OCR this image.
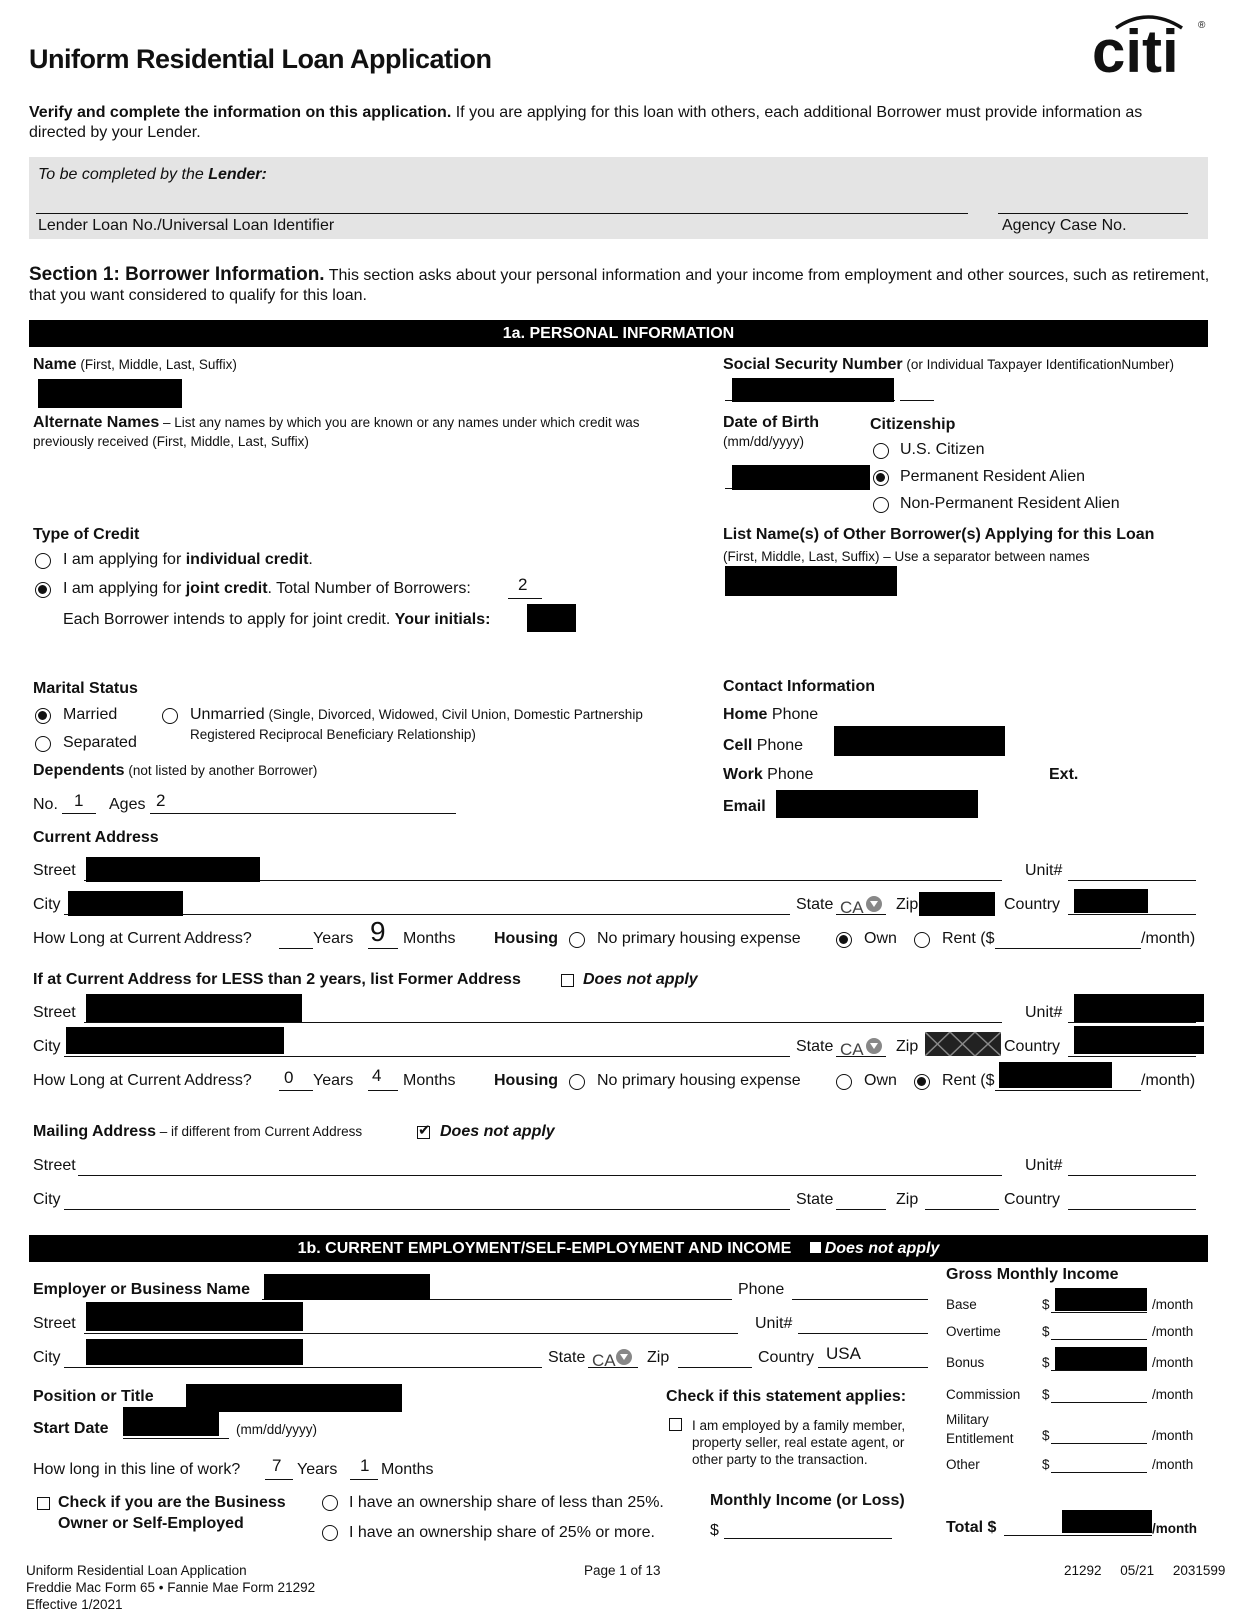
Uniform Residential Loan Application	citi ®
Verify and complete the information on this application. If you are applying for this loan with others, each additional Borrower must provide information as
directed by your Lender.
To be completed by the Lender:
Lender Loan No./Universal Loan Identifier	Agency Case No.
Section 1: Borrower Information. This section asks about your personal information and your income from employment and other sources, such as retirement,
that you want considered to qualify for this loan.
1a. PERSONAL INFORMATION
Name (First, Middle, Last, Suffix)	Social Security Number (or Individual Taxpayer IdentificationNumber)
Alternate Names – List any names by which you are known or any names under which credit was
previously received (First, Middle, Last, Suffix)
Date of Birth
(mm/dd/yyyy)
Citizenship
U.S. Citizen
Permanent Resident Alien
Non-Permanent Resident Alien
Type of Credit
I am applying for individual credit.
I am applying for joint credit. Total Number of Borrowers:	2
Each Borrower intends to apply for joint credit. Your initials:
List Name(s) of Other Borrower(s) Applying for this Loan
(First, Middle, Last, Suffix) – Use a separator between names
Marital Status
Married
Separated
Unmarried (Single, Divorced, Widowed, Civil Union, Domestic Partnership
Registered Reciprocal Beneficiary Relationship)
Dependents (not listed by another Borrower)
No. 1 Ages 2
Contact Information
Home Phone
Cell Phone
Work Phone	Ext.
Email
Current Address
Street	Unit#
City	State CA Zip	Country
How Long at Current Address?	Years 9 Months Housing No primary housing expense	Own	Rent ($	/month)
If at Current Address for LESS than 2 years, list Former Address	Does not apply
Street	Unit#
City	State CA Zip	Country
How Long at Current Address? 0 Years 4 Months Housing No primary housing expense	Own	Rent ($	/month)
Mailing Address – if different from Current Address
✔	Does not apply
Street	Unit#
City	State	Zip	Country
1b. CURRENT EMPLOYMENT/SELF-EMPLOYMENT AND INCOME Does not apply
Employer or Business Name	Phone
Street	Unit#
City	State CA Zip	Country USA
Position or Title
Start Date	(mm/dd/yyyy)
How long in this line of work? 7 Years 1 Months
Check if you are the Business
Owner or Self-Employed
I have an ownership share of less than 25%.
I have an ownership share of 25% or more.
Check if this statement applies:
I am employed by a family member,
property seller, real estate agent, or
other party to the transaction.
Monthly Income (or Loss)
$
Gross Monthly Income
Base	$	/month
Overtime	$	/month
Bonus	$	/month
Commission $	/month
Military
Entitlement $	/month
Other	$	/month
Total $	/month
Uniform Residential Loan Application
Freddie Mac Form 65 • Fannie Mae Form 21292
Effective 1/2021
Page 1 of 13	21292     05/21     2031599
